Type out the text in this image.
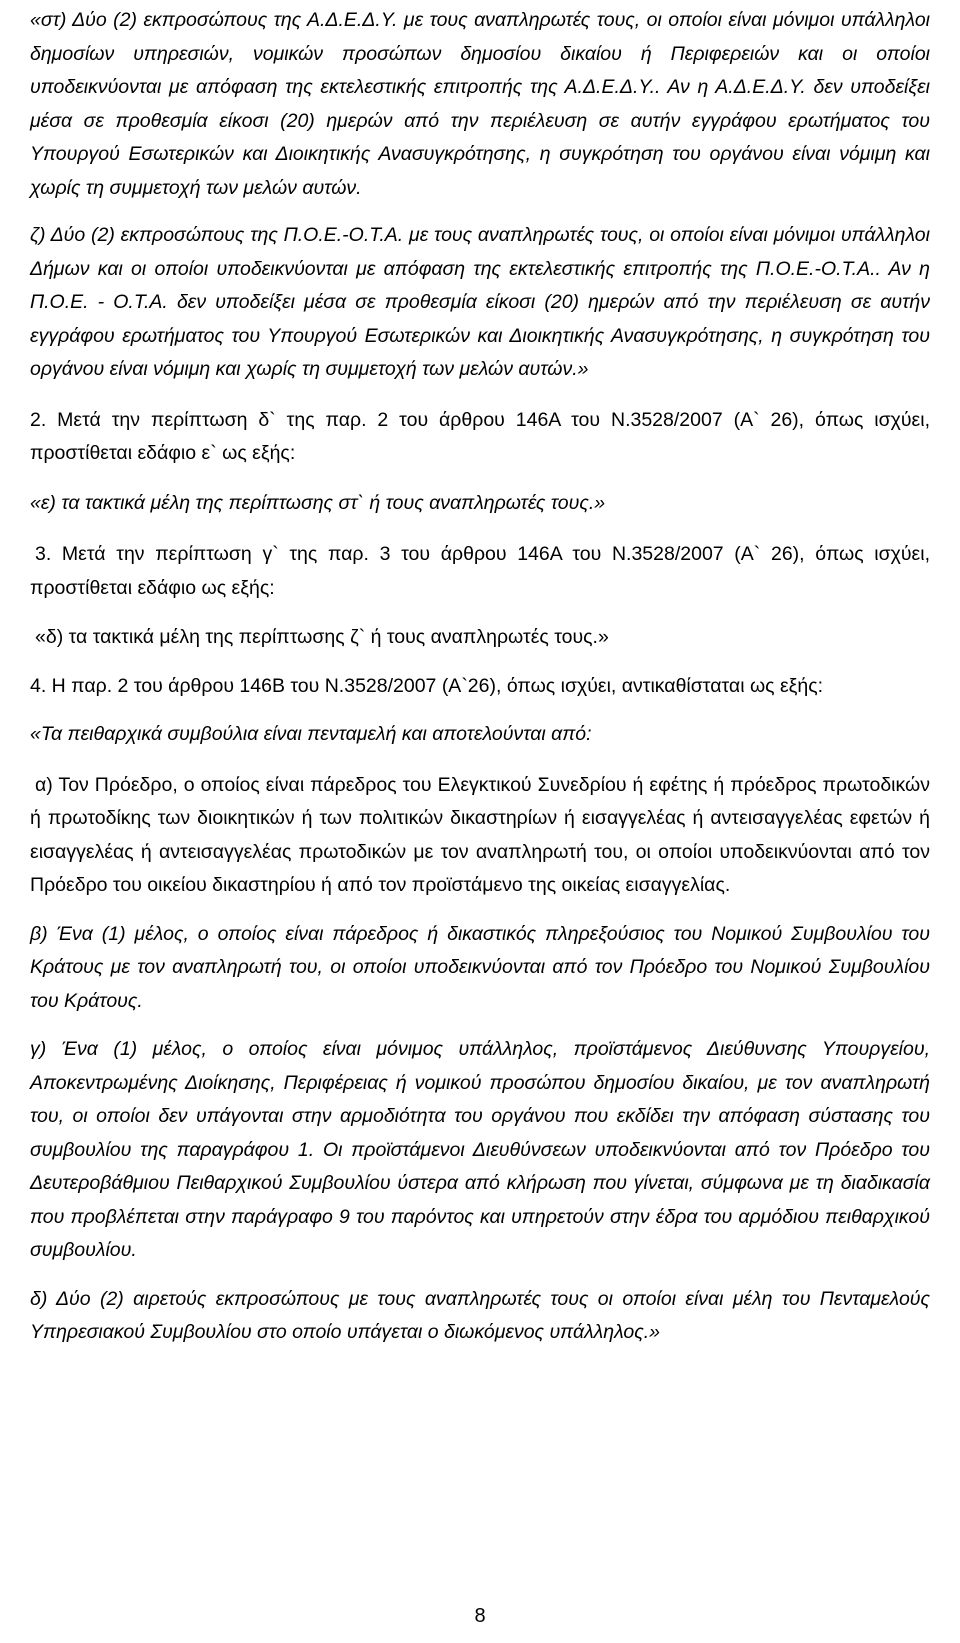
«στ) Δύο (2) εκπροσώπους της Α.Δ.Ε.Δ.Υ. με τους αναπληρωτές τους, οι οποίοι είναι μόνιμοι υπάλληλοι δημοσίων υπηρεσιών, νομικών προσώπων δημοσίου δικαίου ή Περιφερειών και οι οποίοι υποδεικνύονται με απόφαση της εκτελεστικής επιτροπής της Α.Δ.Ε.Δ.Υ.. Αν η Α.Δ.Ε.Δ.Υ. δεν υποδείξει μέσα σε προθεσμία είκοσι (20) ημερών από την περιέλευση σε αυτήν εγγράφου ερωτήματος του Υπουργού Εσωτερικών και Διοικητικής Ανασυγκρότησης, η συγκρότηση του οργάνου είναι νόμιμη και χωρίς τη συμμετοχή των μελών αυτών.

ζ) Δύο (2) εκπροσώπους της Π.Ο.Ε.-Ο.Τ.Α. με τους αναπληρωτές τους, οι οποίοι είναι μόνιμοι υπάλληλοι Δήμων και οι οποίοι υποδεικνύονται με απόφαση της εκτελεστικής επιτροπής της Π.Ο.Ε.-Ο.Τ.Α.. Αν η Π.Ο.Ε. - Ο.Τ.Α. δεν υποδείξει μέσα σε προθεσμία είκοσι (20) ημερών από την περιέλευση σε αυτήν εγγράφου ερωτήματος του Υπουργού Εσωτερικών και Διοικητικής Ανασυγκρότησης, η συγκρότηση του οργάνου είναι νόμιμη και χωρίς τη συμμετοχή των μελών αυτών.»

2. Μετά την περίπτωση δ` της παρ. 2 του άρθρου 146Α του Ν.3528/2007 (Α` 26), όπως ισχύει, προστίθεται εδάφιο ε` ως εξής:

«ε) τα τακτικά μέλη της περίπτωσης στ` ή τους αναπληρωτές τους.»

3. Μετά την περίπτωση γ` της παρ. 3 του άρθρου 146Α του Ν.3528/2007 (Α` 26), όπως ισχύει, προστίθεται εδάφιο ως εξής:

«δ) τα τακτικά μέλη της περίπτωσης ζ` ή τους αναπληρωτές τους.»

4. Η παρ. 2 του άρθρου 146Β του Ν.3528/2007 (Α`26), όπως ισχύει, αντικαθίσταται ως εξής:

«Τα πειθαρχικά συμβούλια είναι πενταμελή και αποτελούνται από:

α) Τον Πρόεδρο, ο οποίος είναι πάρεδρος του Ελεγκτικού Συνεδρίου ή εφέτης ή πρόεδρος πρωτοδικών ή πρωτοδίκης των διοικητικών ή των πολιτικών δικαστηρίων ή εισαγγελέας ή αντεισαγγελέας εφετών ή εισαγγελέας ή αντεισαγγελέας πρωτοδικών με τον αναπληρωτή του, οι οποίοι υποδεικνύονται από τον Πρόεδρο του οικείου δικαστηρίου ή από τον προϊστάμενο της οικείας εισαγγελίας.

β) Ένα (1) μέλος, ο οποίος είναι πάρεδρος ή δικαστικός πληρεξούσιος του Νομικού Συμβουλίου του Κράτους με τον αναπληρωτή του, οι οποίοι υποδεικνύονται από τον Πρόεδρο του Νομικού Συμβουλίου του Κράτους.

γ) Ένα (1) μέλος, ο οποίος είναι μόνιμος υπάλληλος, προϊστάμενος Διεύθυνσης Υπουργείου, Αποκεντρωμένης Διοίκησης, Περιφέρειας ή νομικού προσώπου δημοσίου δικαίου, με τον αναπληρωτή του, οι οποίοι δεν υπάγονται στην αρμοδιότητα του οργάνου που εκδίδει την απόφαση σύστασης του συμβουλίου της παραγράφου 1. Οι προϊστάμενοι Διευθύνσεων υποδεικνύονται από τον Πρόεδρο του Δευτεροβάθμιου Πειθαρχικού Συμβουλίου ύστερα από κλήρωση που γίνεται, σύμφωνα με τη διαδικασία που προβλέπεται στην παράγραφο 9 του παρόντος και υπηρετούν στην έδρα του αρμόδιου πειθαρχικού συμβουλίου.

δ) Δύο (2) αιρετούς εκπροσώπους με τους αναπληρωτές τους οι οποίοι είναι μέλη του Πενταμελούς Υπηρεσιακού Συμβουλίου στο οποίο υπάγεται ο διωκόμενος υπάλληλος.»

8
